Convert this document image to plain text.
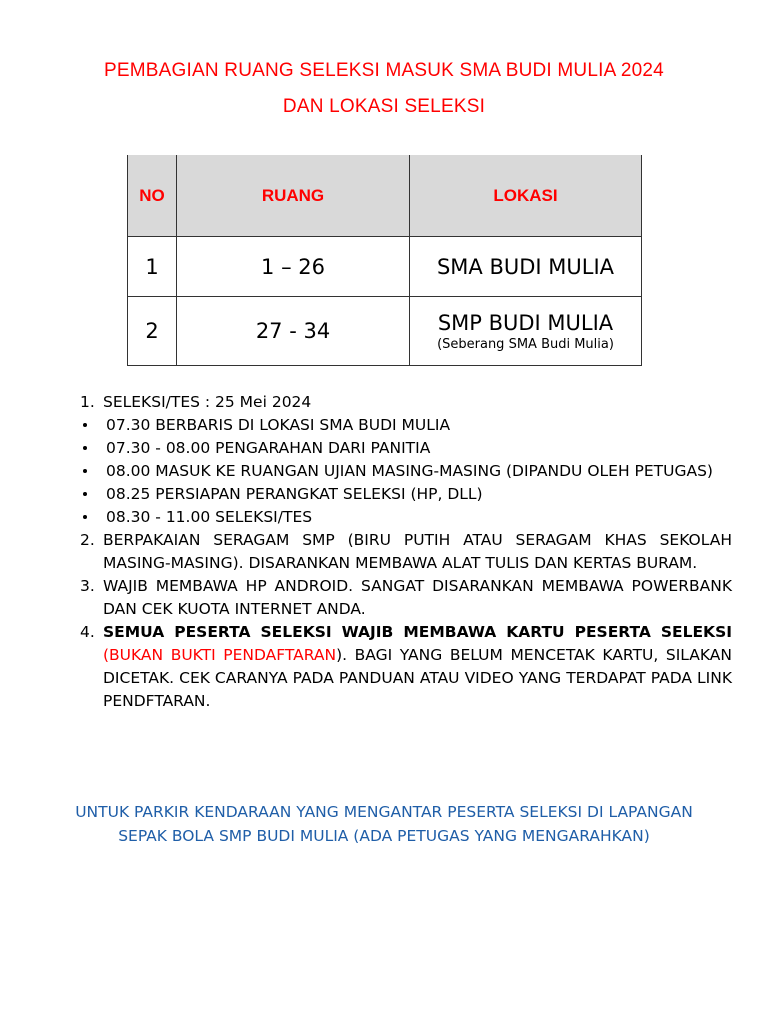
PEMBAGIAN RUANG SELEKSI MASUK SMA BUDI MULIA 2024
DAN LOKASI SELEKSI
NO	RUANG	LOKASI
1	1 – 26	SMA BUDI MULIA
2	27 - 34	SMP BUDI MULIA
(Seberang SMA Budi Mulia)
1. SELEKSI/TES : 25 Mei 2024
07.30 BERBARIS DI LOKASI SMA BUDI MULIA
07.30 - 08.00 PENGARAHAN DARI PANITIA
08.00 MASUK KE RUANGAN UJIAN MASING-MASING (DIPANDU OLEH PETUGAS)
08.25 PERSIAPAN PERANGKAT SELEKSI (HP, DLL)
08.30 - 11.00 SELEKSI/TES
2. BERPAKAIAN SERAGAM SMP (BIRU PUTIH ATAU SERAGAM KHAS SEKOLAH MASING-MASING). DISARANKAN MEMBAWA ALAT TULIS DAN KERTAS BURAM.
3. WAJIB MEMBAWA HP ANDROID. SANGAT DISARANKAN MEMBAWA POWERBANK DAN CEK KUOTA INTERNET ANDA.
4. SEMUA PESERTA SELEKSI WAJIB MEMBAWA KARTU PESERTA SELEKSI (BUKAN BUKTI PENDAFTARAN). BAGI YANG BELUM MENCETAK KARTU, SILAKAN DICETAK. CEK CARANYA PADA PANDUAN ATAU VIDEO YANG TERDAPAT PADA LINK PENDFTARAN.
UNTUK PARKIR KENDARAAN YANG MENGANTAR PESERTA SELEKSI DI LAPANGAN
SEPAK BOLA SMP BUDI MULIA (ADA PETUGAS YANG MENGARAHKAN)
